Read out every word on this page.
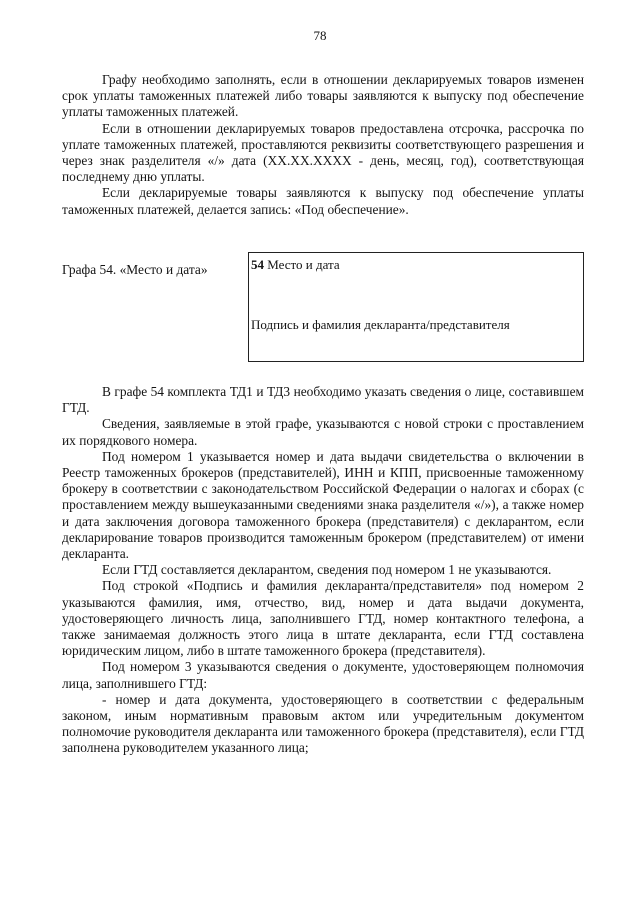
78

Графу необходимо заполнять, если в отношении декларируемых товаров изменен срок уплаты таможенных платежей либо товары заявляются к выпуску под обеспечение уплаты таможенных платежей.

Если в отношении декларируемых товаров предоставлена отсрочка, рассрочка по уплате таможенных платежей, проставляются реквизиты соответствующего разрешения и через знак разделителя «/» дата (XX.XX.XXXX - день, месяц, год), соответствующая последнему дню уплаты.

Если декларируемые товары заявляются к выпуску под обеспечение уплаты таможенных платежей, делается запись: «Под обеспечение».

Графа 54. «Место и дата»	54 Место и дата
Подпись и фамилия декларанта/представителя

В графе 54 комплекта ТД1 и ТД3 необходимо указать сведения о лице, составившем ГТД.

Сведения, заявляемые в этой графе, указываются с новой строки с проставлением их порядкового номера.

Под номером 1 указывается номер и дата выдачи свидетельства о включении в Реестр таможенных брокеров (представителей), ИНН и КПП, присвоенные таможенному брокеру в соответствии с законодательством Российской Федерации о налогах и сборах (с проставлением между вышеуказанными сведениями знака разделителя «/»), а также номер и дата заключения договора таможенного брокера (представителя) с декларантом, если декларирование товаров производится таможенным брокером (представителем) от имени декларанта.

Если ГТД составляется декларантом, сведения под номером 1 не указываются.

Под строкой «Подпись и фамилия декларанта/представителя» под номером 2 указываются фамилия, имя, отчество, вид, номер и дата выдачи документа, удостоверяющего личность лица, заполнившего ГТД, номер контактного телефона, а также занимаемая должность этого лица в штате декларанта, если ГТД составлена юридическим лицом, либо в штате таможенного брокера (представителя).

Под номером 3 указываются сведения о документе, удостоверяющем полномочия лица, заполнившего ГТД:

- номер и дата документа, удостоверяющего в соответствии с федеральным законом, иным нормативным правовым актом или учредительным документом полномочие руководителя декларанта или таможенного брокера (представителя), если ГТД заполнена руководителем указанного лица;
